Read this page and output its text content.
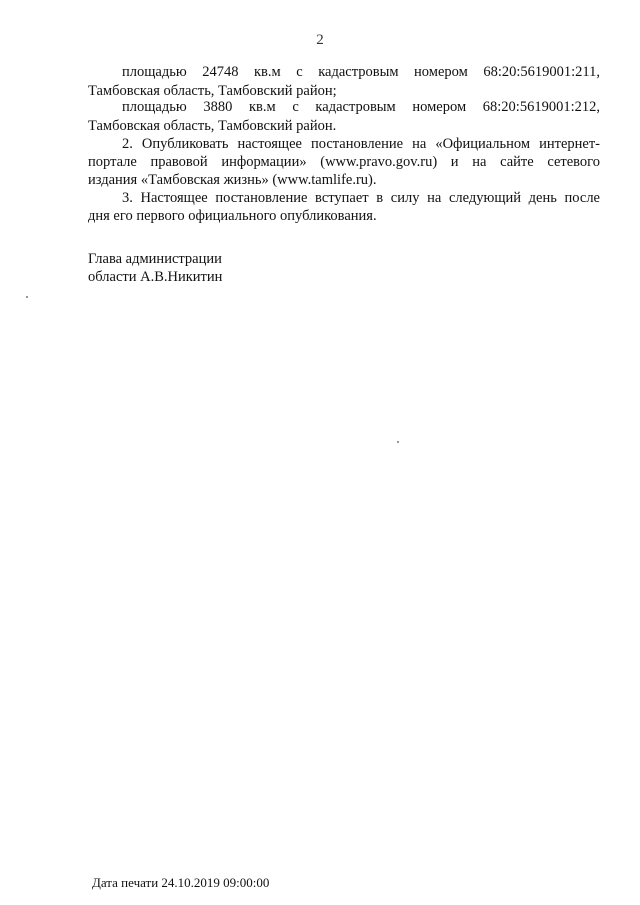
2
площадью 24748 кв.м с кадастровым номером 68:20:5619001:211,
Тамбовская область, Тамбовский район;
площадью 3880 кв.м с кадастровым номером 68:20:5619001:212,
Тамбовская область, Тамбовский район.
2. Опубликовать настоящее постановление на «Официальном интернет-
портале правовой информации» (www.pravo.gov.ru) и на сайте сетевого
издания «Тамбовская жизнь» (www.tamlife.ru).
3. Настоящее постановление вступает в силу на следующий день после
дня его первого официального опубликования.
Глава администрации
области А.В.Никитин
Дата печати 24.10.2019 09:00:00
